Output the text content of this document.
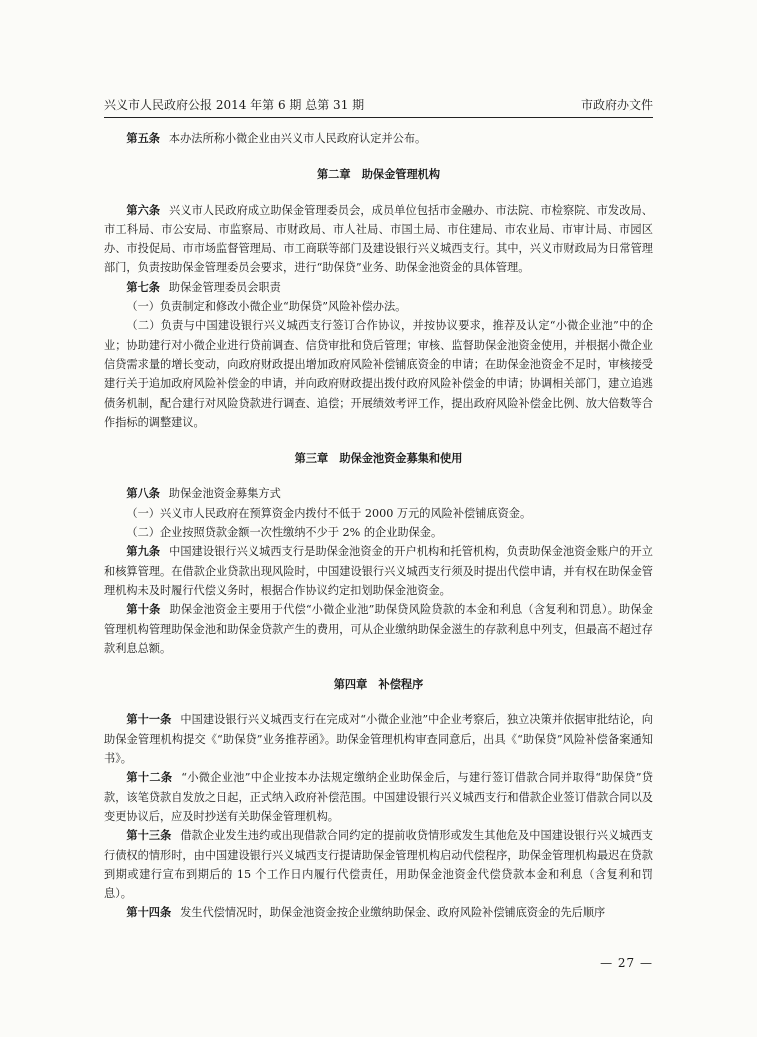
兴义市人民政府公报 2014 年第 6 期 总第 31 期	市政府办文件

第五条 本办法所称小微企业由兴义市人民政府认定并公布。

第二章 助保金管理机构

第六条 兴义市人民政府成立助保金管理委员会，成员单位包括市金融办、市法院、市检察院、市发改局、市工科局、市公安局、市监察局、市财政局、市人社局、市国土局、市住建局、市农业局、市审计局、市园区办、市投促局、市市场监督管理局、市工商联等部门及建设银行兴义城西支行。其中，兴义市财政局为日常管理部门，负责按助保金管理委员会要求，进行“助保贷”业务、助保金池资金的具体管理。

第七条 助保金管理委员会职责

（一）负责制定和修改小微企业“助保贷”风险补偿办法。

（二）负责与中国建设银行兴义城西支行签订合作协议，并按协议要求，推荐及认定“小微企业池”中的企业；协助建行对小微企业进行贷前调查、信贷审批和贷后管理；审核、监督助保金池资金使用，并根据小微企业信贷需求量的增长变动，向政府财政提出增加政府风险补偿铺底资金的申请；在助保金池资金不足时，审核接受建行关于追加政府风险补偿金的申请，并向政府财政提出拨付政府风险补偿金的申请；协调相关部门，建立追逃债务机制，配合建行对风险贷款进行调查、追偿；开展绩效考评工作，提出政府风险补偿金比例、放大倍数等合作指标的调整建议。

第三章 助保金池资金募集和使用

第八条 助保金池资金募集方式

（一）兴义市人民政府在预算资金内拨付不低于 2000 万元的风险补偿铺底资金。

（二）企业按照贷款金额一次性缴纳不少于 2% 的企业助保金。

第九条 中国建设银行兴义城西支行是助保金池资金的开户机构和托管机构，负责助保金池资金账户的开立和核算管理。在借款企业贷款出现风险时，中国建设银行兴义城西支行须及时提出代偿申请，并有权在助保金管理机构未及时履行代偿义务时，根据合作协议约定扣划助保金池资金。

第十条 助保金池资金主要用于代偿“小微企业池”助保贷风险贷款的本金和利息（含复利和罚息）。助保金管理机构管理助保金池和助保金贷款产生的费用，可从企业缴纳助保金滋生的存款利息中列支，但最高不超过存款利息总额。

第四章 补偿程序

第十一条 中国建设银行兴义城西支行在完成对“小微企业池”中企业考察后，独立决策并依据审批结论，向助保金管理机构提交《“助保贷”业务推荐函》。助保金管理机构审查同意后，出具《“助保贷”风险补偿备案通知书》。

第十二条 “小微企业池”中企业按本办法规定缴纳企业助保金后，与建行签订借款合同并取得“助保贷”贷款，该笔贷款自发放之日起，正式纳入政府补偿范围。中国建设银行兴义城西支行和借款企业签订借款合同以及变更协议后，应及时抄送有关助保金管理机构。

第十三条 借款企业发生违约或出现借款合同约定的提前收贷情形或发生其他危及中国建设银行兴义城西支行债权的情形时，由中国建设银行兴义城西支行提请助保金管理机构启动代偿程序，助保金管理机构最迟在贷款到期或建行宣布到期后的 15 个工作日内履行代偿责任，用助保金池资金代偿贷款本金和利息（含复利和罚息）。

第十四条 发生代偿情况时，助保金池资金按企业缴纳助保金、政府风险补偿铺底资金的先后顺序

— 27 —
